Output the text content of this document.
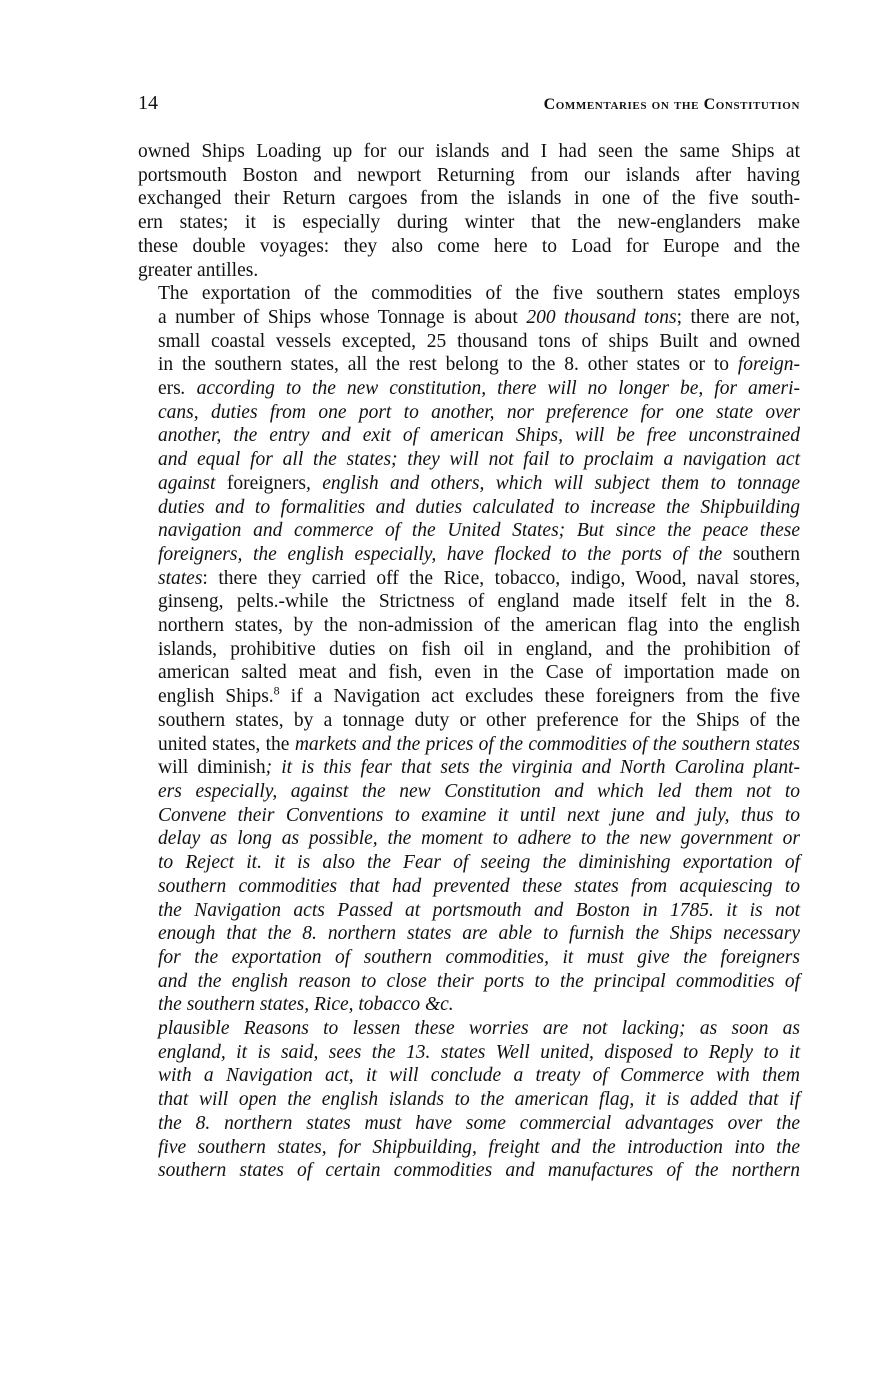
14	Commentaries on the Constitution
owned Ships Loading up for our islands and I had seen the same Ships at
portsmouth Boston and newport Returning from our islands after having
exchanged their Return cargoes from the islands in one of the five south-
ern states; it is especially during winter that the new-englanders make
these double voyages: they also come here to Load for Europe and the
greater antilles.
The exportation of the commodities of the five southern states employs
a number of Ships whose Tonnage is about 200 thousand tons; there are not,
small coastal vessels excepted, 25 thousand tons of ships Built and owned
in the southern states, all the rest belong to the 8. other states or to foreign-
ers. according to the new constitution, there will no longer be, for ameri-
cans, duties from one port to another, nor preference for one state over
another, the entry and exit of american Ships, will be free unconstrained
and equal for all the states; they will not fail to proclaim a navigation act
against foreigners, english and others, which will subject them to tonnage
duties and to formalities and duties calculated to increase the Shipbuilding
navigation and commerce of the United States; But since the peace these
foreigners, the english especially, have flocked to the ports of the southern
states: there they carried off the Rice, tobacco, indigo, Wood, naval stores,
ginseng, pelts.-while the Strictness of england made itself felt in the 8.
northern states, by the non-admission of the american flag into the english
islands, prohibitive duties on fish oil in england, and the prohibition of
american salted meat and fish, even in the Case of importation made on
english Ships.$^8$ if a Navigation act excludes these foreigners from the five
southern states, by a tonnage duty or other preference for the Ships of the
united states, the markets and the prices of the commodities of the southern states
will diminish; it is this fear that sets the virginia and North Carolina plant-
ers especially, against the new Constitution and which led them not to
Convene their Conventions to examine it until next june and july, thus to
delay as long as possible, the moment to adhere to the new government or
to Reject it. it is also the Fear of seeing the diminishing exportation of
southern commodities that had prevented these states from acquiescing to
the Navigation acts Passed at portsmouth and Boston in 1785. it is not
enough that the 8. northern states are able to furnish the Ships necessary
for the exportation of southern commodities, it must give the foreigners
and the english reason to close their ports to the principal commodities of
the southern states, Rice, tobacco &c.
plausible Reasons to lessen these worries are not lacking; as soon as
england, it is said, sees the 13. states Well united, disposed to Reply to it
with a Navigation act, it will conclude a treaty of Commerce with them
that will open the english islands to the american flag, it is added that if
the 8. northern states must have some commercial advantages over the
five southern states, for Shipbuilding, freight and the introduction into the
southern states of certain commodities and manufactures of the northern
